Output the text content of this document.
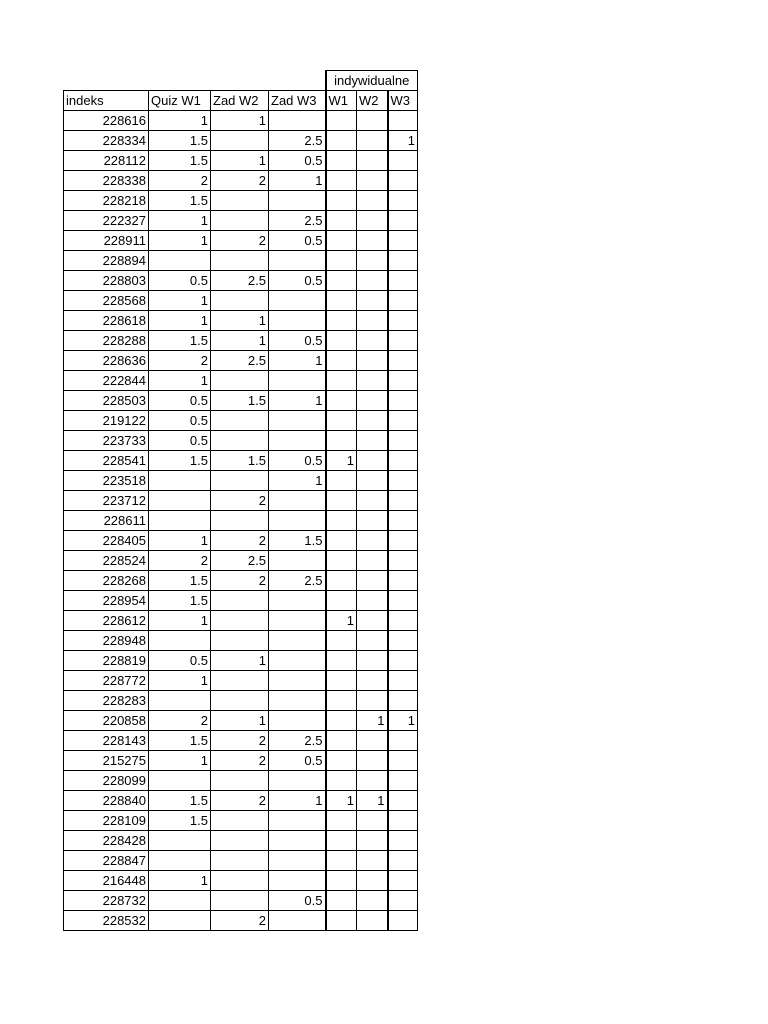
				indywidualne		
indeks	Quiz W1	Zad W2	Zad W3	W1	W2	W3
228616	1	1				
228334	1.5		2.5			1
228112	1.5	1	0.5			
228338	2	2	1			
228218	1.5					
222327	1		2.5			
228911	1	2	0.5			
228894						
228803	0.5	2.5	0.5			
228568	1					
228618	1	1				
228288	1.5	1	0.5			
228636	2	2.5	1			
222844	1					
228503	0.5	1.5	1			
219122	0.5					
223733	0.5					
228541	1.5	1.5	0.5	1		
223518			1			
223712		2				
228611						
228405	1	2	1.5			
228524	2	2.5				
228268	1.5	2	2.5			
228954	1.5					
228612	1			1		
228948						
228819	0.5	1				
228772	1					
228283						
220858	2	1			1	1
228143	1.5	2	2.5			
215275	1	2	0.5			
228099						
228840	1.5	2	1	1	1	
228109	1.5					
228428						
228847						
216448	1					
228732			0.5			
228532		2				
